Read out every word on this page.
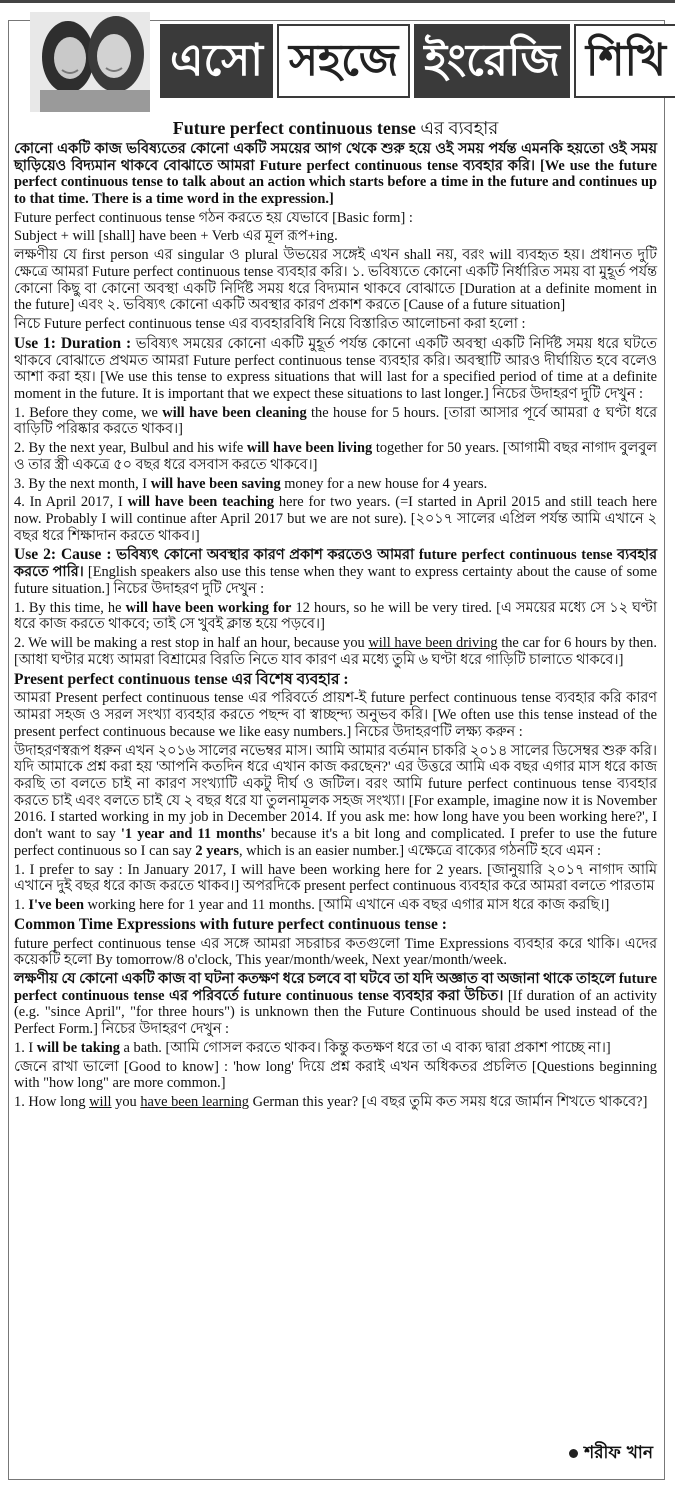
এসো সহজে ইংরেজি শিখি

Future perfect continuous tense এর ব্যবহার

কোনো একটি কাজ ভবিষ্যতের কোনো একটি সময়ের আগ থেকে শুরু হয়ে ওই সময় পর্যন্ত এমনকি হয়তো ওই সময় ছাড়িয়েও বিদ্যমান থাকবে বোঝাতে আমরা Future perfect continuous tense ব্যবহার করি। [We use the future perfect continuous tense to talk about an action which starts before a time in the future and continues up to that time. There is a time word in the expression.]

Future perfect continuous tense গঠন করতে হয় যেভাবে [Basic form] :

Subject + will [shall] have been + Verb এর মূল রূপ+ing.

লক্ষণীয় যে first person এর singular ও plural উভয়ের সঙ্গেই এখন shall নয়, বরং will ব্যবহৃত হয়। প্রধানত দুটি ক্ষেত্রে আমরা Future perfect continuous tense ব্যবহার করি। ১. ভবিষ্যতে কোনো একটি নির্ধারিত সময় বা মুহূর্ত পর্যন্ত কোনো কিছু বা কোনো অবস্থা একটি নির্দিষ্ট সময় ধরে বিদ্যমান থাকবে বোঝাতে [Duration at a definite moment in the future] এবং ২. ভবিষ্যৎ কোনো একটি অবস্থার কারণ প্রকাশ করতে [Cause of a future situation]

নিচে Future perfect continuous tense এর ব্যবহারবিধি নিয়ে বিস্তারিত আলোচনা করা হলো :

Use 1: Duration : ভবিষ্যৎ সময়ের কোনো একটি মুহূর্ত পর্যন্ত কোনো একটি অবস্থা একটি নির্দিষ্ট সময় ধরে ঘটতে থাকবে বোঝাতে প্রথমত আমরা Future perfect continuous tense ব্যবহার করি। অবস্থাটি আরও দীর্ঘায়িত হবে বলেও আশা করা হয়। [We use this tense to express situations that will last for a specified period of time at a definite moment in the future. It is important that we expect these situations to last longer.] নিচের উদাহরণ দুটি দেখুন :

1. Before they come, we will have been cleaning the house for 5 hours. [তারা আসার পূর্বে আমরা ৫ ঘণ্টা ধরে বাড়িটি পরিষ্কার করতে থাকব।]

2. By the next year, Bulbul and his wife will have been living together for 50 years. [আগামী বছর নাগাদ বুলবুল ও তার স্ত্রী একত্রে ৫০ বছর ধরে বসবাস করতে থাকবে।]

3. By the next month, I will have been saving money for a new house for 4 years.

4. In April 2017, I will have been teaching here for two years. (=I started in April 2015 and still teach here now. Probably I will continue after April 2017 but we are not sure). [২০১৭ সালের এপ্রিল পর্যন্ত আমি এখানে ২ বছর ধরে শিক্ষাদান করতে থাকব।]

Use 2: Cause : ভবিষ্যৎ কোনো অবস্থার কারণ প্রকাশ করতেও আমরা future perfect continuous tense ব্যবহার করতে পারি। [English speakers also use this tense when they want to express certainty about the cause of some future situation.] নিচের উদাহরণ দুটি দেখুন :

1. By this time, he will have been working for 12 hours, so he will be very tired. [এ সময়ের মধ্যে সে ১২ ঘণ্টা ধরে কাজ করতে থাকবে; তাই সে খুবই ক্লান্ত হয়ে পড়বে।]

2. We will be making a rest stop in half an hour, because you will have been driving the car for 6 hours by then. [আধা ঘণ্টার মধ্যে আমরা বিশ্রামের বিরতি নিতে যাব কারণ এর মধ্যে তুমি ৬ ঘণ্টা ধরে গাড়িটি চালাতে থাকবে।]

Present perfect continuous tense এর বিশেষ ব্যবহার :

আমরা Present perfect continuous tense এর পরিবর্তে প্রায়শ-ই future perfect continuous tense ব্যবহার করি কারণ আমরা সহজ ও সরল সংখ্যা ব্যবহার করতে পছন্দ বা স্বাচ্ছন্দ্য অনুভব করি। [We often use this tense instead of the present perfect continuous because we like easy numbers.] নিচের উদাহরণটি লক্ষ্য করুন :

উদাহরণস্বরূপ ধরুন এখন ২০১৬ সালের নভেম্বর মাস। আমি আমার বর্তমান চাকরি ২০১৪ সালের ডিসেম্বর শুরু করি। যদি আমাকে প্রশ্ন করা হয় 'আপনি কতদিন ধরে এখান কাজ করছেন?' এর উত্তরে আমি এক বছর এগার মাস ধরে কাজ করছি তা বলতে চাই না কারণ সংখ্যাটি একটু দীর্ঘ ও জটিল। বরং আমি future perfect continuous tense ব্যবহার করতে চাই এবং বলতে চাই যে ২ বছর ধরে যা তুলনামূলক সহজ সংখ্যা। [For example, imagine now it is November 2016. I started working in my job in December 2014. If you ask me: how long have you been working here?', I don't want to say '1 year and 11 months' because it's a bit long and complicated. I prefer to use the future perfect continuous so I can say 2 years, which is an easier number.] এক্ষেত্রে বাক্যের গঠনটি হবে এমন :

1. I prefer to say : In January 2017, I will have been working here for 2 years. [জানুয়ারি ২০১৭ নাগাদ আমি এখানে দুই বছর ধরে কাজ করতে থাকব।] অপরদিকে present perfect continuous ব্যবহার করে আমরা বলতে পারতাম

1. I've been working here for 1 year and 11 months. [আমি এখানে এক বছর এগার মাস ধরে কাজ করছি।]

Common Time Expressions with future perfect continuous tense :

future perfect continuous tense এর সঙ্গে আমরা সচরাচর কতগুলো Time Expressions ব্যবহার করে থাকি। এদের কয়েকটি হলো By tomorrow/8 o'clock, This year/month/week, Next year/month/week.

লক্ষণীয় যে কোনো একটি কাজ বা ঘটনা কতক্ষণ ধরে চলবে বা ঘটবে তা যদি অজ্ঞাত বা অজানা থাকে তাহলে future perfect continuous tense এর পরিবর্তে future continuous tense ব্যবহার করা উচিত। [If duration of an activity (e.g. "since April", "for three hours") is unknown then the Future Continuous should be used instead of the Perfect Form.] নিচের উদাহরণ দেখুন :

1. I will be taking a bath. [আমি গোসল করতে থাকব। কিন্তু কতক্ষণ ধরে তা এ বাক্য দ্বারা প্রকাশ পাচ্ছে না।]

জেনে রাখা ভালো [Good to know] : 'how long' দিয়ে প্রশ্ন করাই এখন অধিকতর প্রচলিত [Questions beginning with "how long" are more common.]

1. How long will you have been learning German this year? [এ বছর তুমি কত সময় ধরে জার্মান শিখতে থাকবে?]

শরীফ খান
